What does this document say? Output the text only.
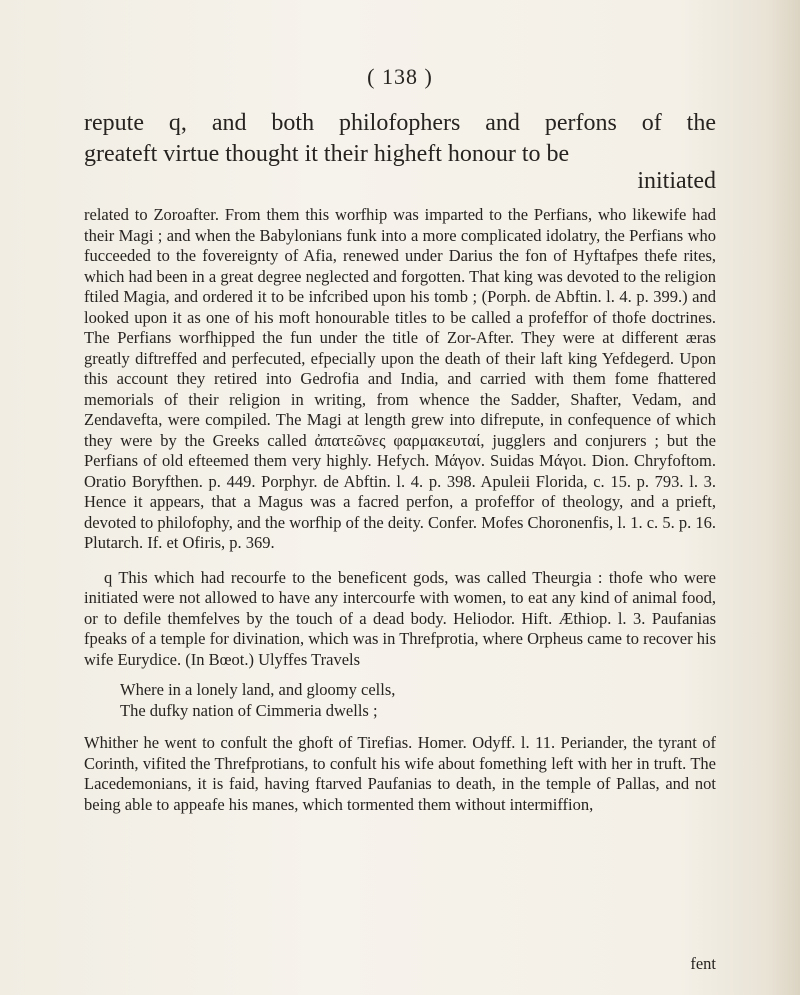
( 138 )

repute q, and both philofophers and perfons of the

greateft virtue thought it their higheft honour to be

initiated

related to Zoroafter. From them this worfhip was imparted to the Perfians, who likewife had their Magi ; and when the Babylonians funk into a more complicated idolatry, the Perfians who fucceeded to the fovereignty of Afia, renewed under Darius the fon of Hyftafpes thefe rites, which had been in a great degree neglected and forgotten. That king was devoted to the religion ftiled Magia, and ordered it to be infcribed upon his tomb ; (Porph. de Abftin. l. 4. p. 399.) and looked upon it as one of his moft honourable titles to be called a profeffor of thofe doctrines. The Perfians worfhipped the fun under the title of Zor-After. They were at different æras greatly diftreffed and perfecuted, efpecially upon the death of their laft king Yefdegerd. Upon this account they retired into Gedrofia and India, and carried with them fome fhattered memorials of their religion in writing, from whence the Sadder, Shafter, Vedam, and Zendavefta, were compiled. The Magi at length grew into difrepute, in confequence of which they were by the Greeks called ἀπατεῶνες φαρμακευταί, jugglers and conjurers ; but the Perfians of old efteemed them very highly. Hefych. Μάγον. Suidas Μάγοι. Dion. Chryfoftom. Oratio Boryfthen. p. 449. Porphyr. de Abftin. l. 4. p. 398. Apuleii Florida, c. 15. p. 793. l. 3. Hence it appears, that a Magus was a facred perfon, a profeffor of theology, and a prieft, devoted to philofophy, and the worfhip of the deity. Confer. Mofes Choronenfis, l. 1. c. 5. p. 16. Plutarch. If. et Ofiris, p. 369.

q This which had recourfe to the beneficent gods, was called Theurgia : thofe who were initiated were not allowed to have any intercourfe with women, to eat any kind of animal food, or to defile themfelves by the touch of a dead body. Heliodor. Hift. Æthiop. l. 3. Paufanias fpeaks of a temple for divination, which was in Threfprotia, where Orpheus came to recover his wife Eurydice. (In Bœot.) Ulyffes Travels

Where in a lonely land, and gloomy cells,
The dufky nation of Cimmeria dwells ;

Whither he went to confult the ghoft of Tirefias. Homer. Odyff. l. 11. Periander, the tyrant of Corinth, vifited the Threfprotians, to confult his wife about fomething left with her in truft. The Lacedemonians, it is faid, having ftarved Paufanias to death, in the temple of Pallas, and not being able to appeafe his manes, which tormented them without intermiffion,

fent
